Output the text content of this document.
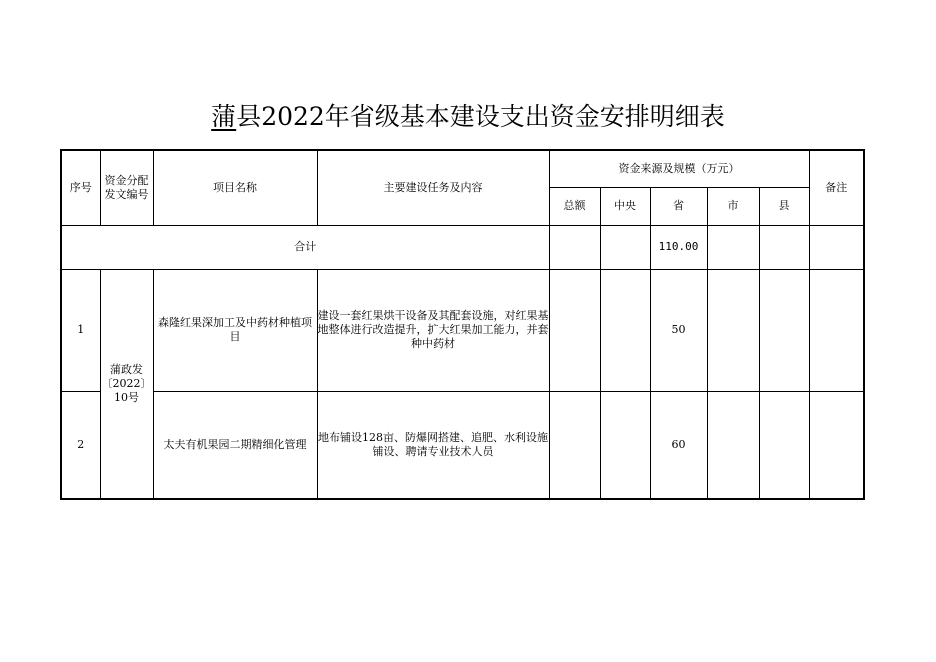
蒲县2022年省级基本建设支出资金安排明细表
序号	资金分配发文编号	项目名称	主要建设任务及内容	资金来源及规模（万元）					备注
				总额	中央	省	市	县	
合计						110.00			
1	蒲政发〔2022〕10号	森隆红果深加工及中药材种植项目	建设一套红果烘干设备及其配套设施，对红果基地整体进行改造提升，扩大红果加工能力，并套种中药材			50			
2		太夫有机果园二期精细化管理	地布铺设128亩、防爆网搭建、追肥、水利设施铺设、聘请专业技术人员			60			
